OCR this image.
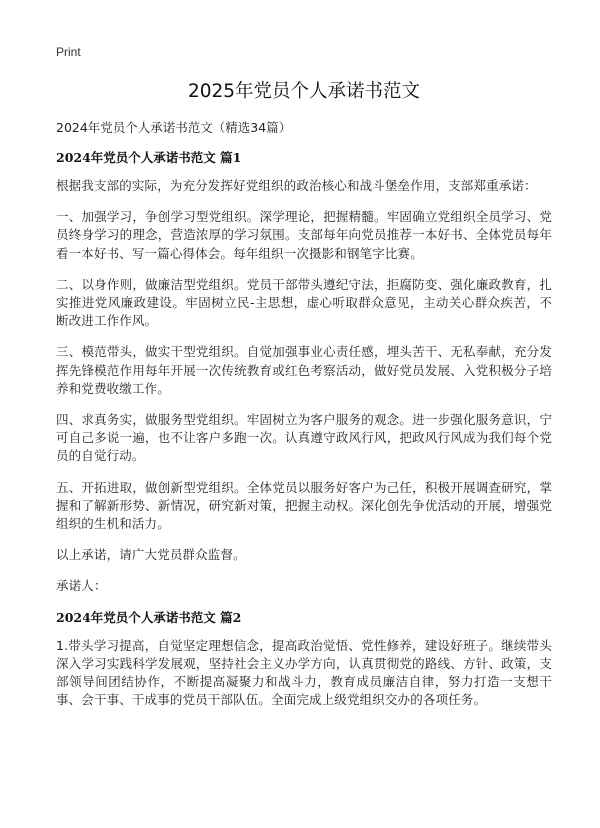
Print
2025年党员个人承诺书范文
2024年党员个人承诺书范文（精选34篇）
2024年党员个人承诺书范文 篇1

根据我支部的实际，为充分发挥好党组织的政治核心和战斗堡垒作用，支部郑重承诺：

一、加强学习，争创学习型党组织。深学理论，把握精髓。牢固确立党组织全员学习、党员终身学习的理念，营造浓厚的学习氛围。支部每年向党员推荐一本好书、全体党员每年看一本好书、写一篇心得体会。每年组织一次摄影和钢笔字比赛。

二、以身作则，做廉洁型党组织。党员干部带头遵纪守法，拒腐防变、强化廉政教育，扎实推进党风廉政建设。牢固树立民-主思想，虚心听取群众意见，主动关心群众疾苦，不断改进工作作风。

三、模范带头，做实干型党组织。自觉加强事业心责任感，埋头苦干、无私奉献，充分发挥先锋模范作用每年开展一次传统教育或红色考察活动，做好党员发展、入党积极分子培养和党费收缴工作。

四、求真务实，做服务型党组织。牢固树立为客户服务的观念。进一步强化服务意识，宁可自己多说一遍，也不让客户多跑一次。认真遵守政风行风，把政风行风成为我们每个党员的自觉行动。

五、开拓进取，做创新型党组织。全体党员以服务好客户为己任，积极开展调查研究，掌握和了解新形势、新情况，研究新对策，把握主动权。深化创先争优活动的开展，增强党组织的生机和活力。

以上承诺，请广大党员群众监督。

承诺人：

2024年党员个人承诺书范文 篇2

1.带头学习提高，自觉坚定理想信念，提高政治觉悟、党性修养，建设好班子。继续带头深入学习实践科学发展观，坚持社会主义办学方向，认真贯彻党的路线、方针、政策，支部领导间团结协作，不断提高凝聚力和战斗力，教育成员廉洁自律，努力打造一支想干事、会干事、干成事的党员干部队伍。全面完成上级党组织交办的各项任务。
